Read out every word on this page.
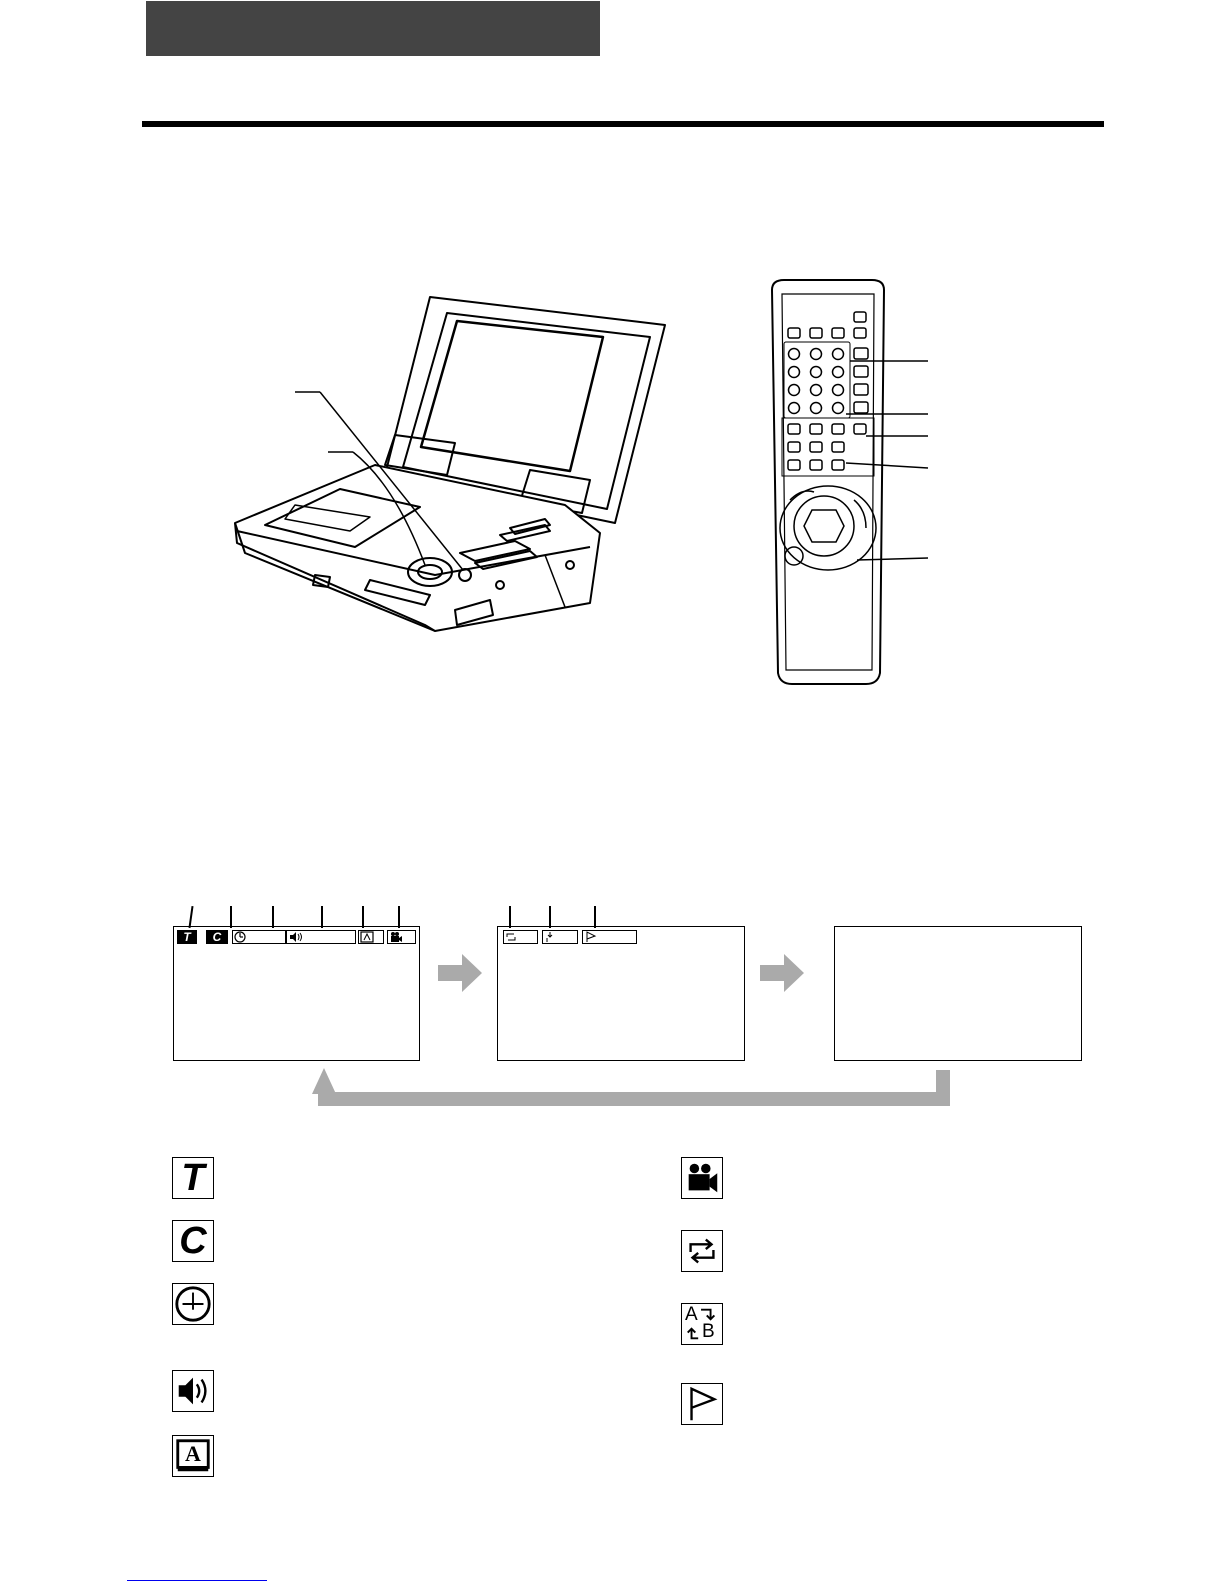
T	C
T
C
A
A
B
